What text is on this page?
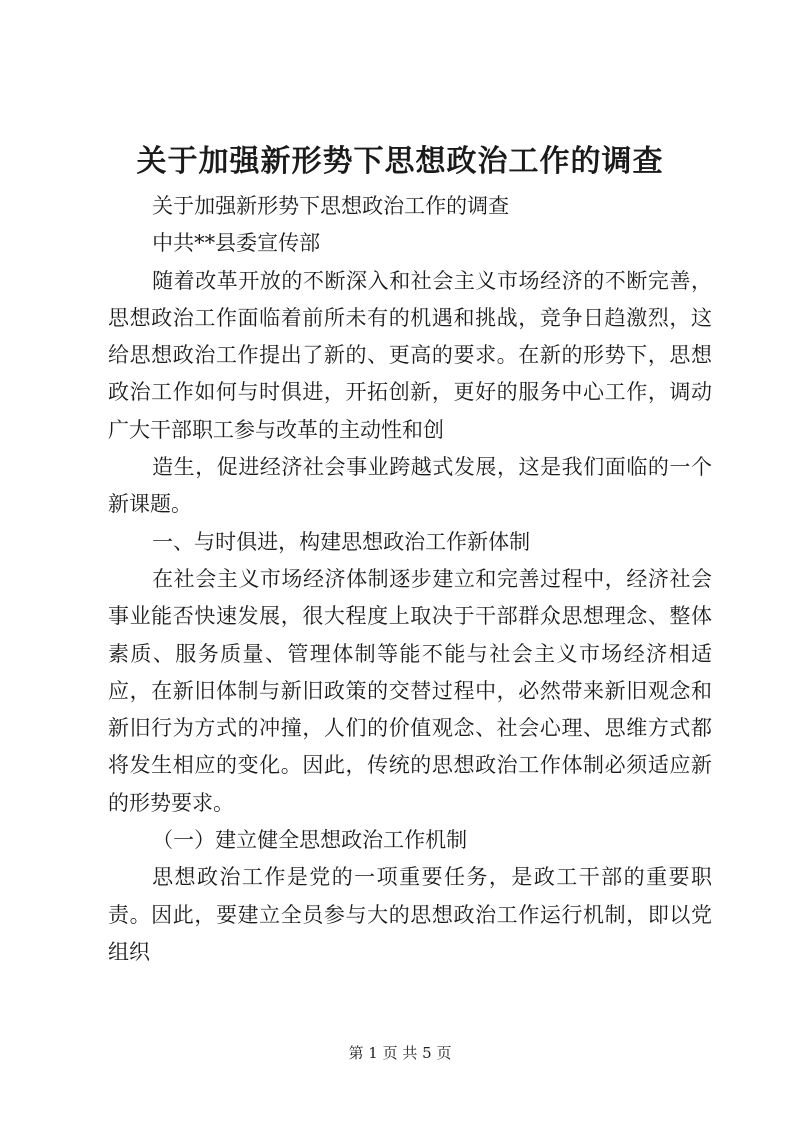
关于加强新形势下思想政治工作的调查

关于加强新形势下思想政治工作的调查

中共**县委宣传部

随着改革开放的不断深入和社会主义市场经济的不断完善，思想政治工作面临着前所未有的机遇和挑战，竞争日趋激烈，这给思想政治工作提出了新的、更高的要求。在新的形势下，思想政治工作如何与时俱进，开拓创新，更好的服务中心工作，调动广大干部职工参与改革的主动性和创

造生，促进经济社会事业跨越式发展，这是我们面临的一个新课题。

一、与时俱进，构建思想政治工作新体制

在社会主义市场经济体制逐步建立和完善过程中，经济社会事业能否快速发展，很大程度上取决于干部群众思想理念、整体素质、服务质量、管理体制等能不能与社会主义市场经济相适应，在新旧体制与新旧政策的交替过程中，必然带来新旧观念和新旧行为方式的冲撞，人们的价值观念、社会心理、思维方式都将发生相应的变化。因此，传统的思想政治工作体制必须适应新的形势要求。

（一）建立健全思想政治工作机制

思想政治工作是党的一项重要任务，是政工干部的重要职责。因此，要建立全员参与大的思想政治工作运行机制，即以党组织

第 1 页 共 5 页
